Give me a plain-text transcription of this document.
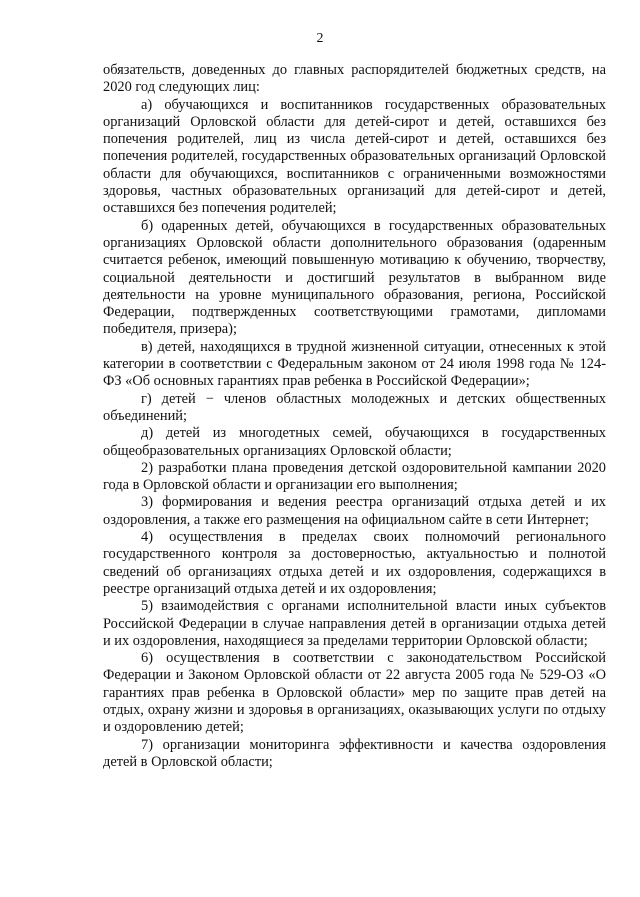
2

обязательств, доведенных до главных распорядителей бюджетных средств, на 2020 год следующих лиц:

а) обучающихся и воспитанников государственных образовательных организаций Орловской области для детей-сирот и детей, оставшихся без попечения родителей, лиц из числа детей-сирот и детей, оставшихся без попечения родителей, государственных образовательных организаций Орловской области для обучающихся, воспитанников с ограниченными возможностями здоровья, частных образовательных организаций для детей-сирот и детей, оставшихся без попечения родителей;

б) одаренных детей, обучающихся в государственных образовательных организациях Орловской области дополнительного образования (одаренным считается ребенок, имеющий повышенную мотивацию к обучению, творчеству, социальной деятельности и достигший результатов в выбранном виде деятельности на уровне муниципального образования, региона, Российской Федерации, подтвержденных соответствующими грамотами, дипломами победителя, призера);

в) детей, находящихся в трудной жизненной ситуации, отнесенных к этой категории в соответствии с Федеральным законом от 24 июля 1998 года № 124-ФЗ «Об основных гарантиях прав ребенка в Российской Федерации»;

г) детей − членов областных молодежных и детских общественных объединений;

д) детей из многодетных семей, обучающихся в государственных общеобразовательных организациях Орловской области;

2) разработки плана проведения детской оздоровительной кампании 2020 года в Орловской области и организации его выполнения;

3) формирования и ведения реестра организаций отдыха детей и их оздоровления, а также его размещения на официальном сайте в сети Интернет;

4) осуществления в пределах своих полномочий регионального государственного контроля за достоверностью, актуальностью и полнотой сведений об организациях отдыха детей и их оздоровления, содержащихся в реестре организаций отдыха детей и их оздоровления;

5) взаимодействия с органами исполнительной власти иных субъектов Российской Федерации в случае направления детей в организации отдыха детей и их оздоровления, находящиеся за пределами территории Орловской области;

6) осуществления в соответствии с законодательством Российской Федерации и Законом Орловской области от 22 августа 2005 года № 529-ОЗ «О гарантиях прав ребенка в Орловской области» мер по защите прав детей на отдых, охрану жизни и здоровья в организациях, оказывающих услуги по отдыху и оздоровлению детей;

7) организации мониторинга эффективности и качества оздоровления детей в Орловской области;
